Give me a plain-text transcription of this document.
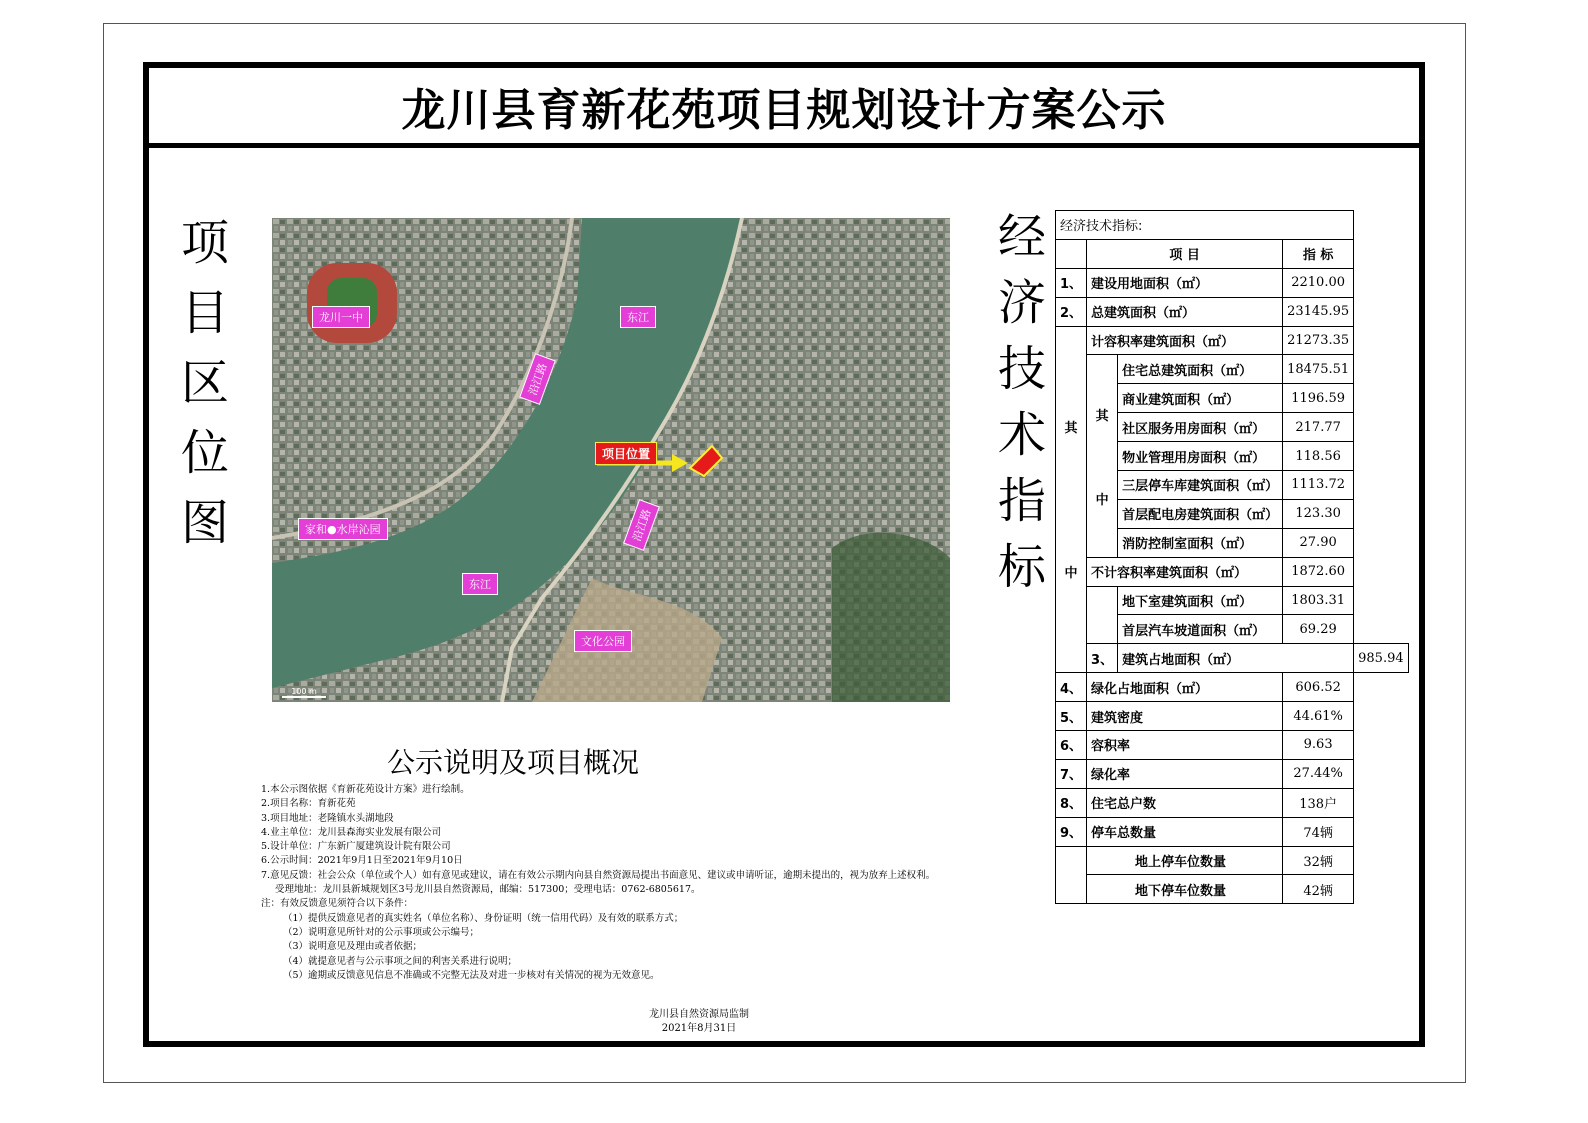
龙川县育新花苑项目规划设计方案公示
项
目
区
位
图
龙川一中	东江
东江
家和●水岸沁园
沿江路
沿江路
文化公园
项目位置
100 m
公示说明及项目概况
1.本公示图依据《育新花苑设计方案》进行绘制。
2.项目名称：育新花苑
3.项目地址：老隆镇水头湖地段
4.业主单位：龙川县森海实业发展有限公司
5.设计单位：广东新广厦建筑设计院有限公司
6.公示时间：2021年9月1日至2021年9月10日
7.意见反馈：社会公众（单位或个人）如有意见或建议，请在有效公示期内向县自然资源局提出书面意见、建议或申请听证，逾期未提出的，视为放弃上述权利。
受理地址：龙川县新城规划区3号龙川县自然资源局，邮编：517300；受理电话：0762-6805617。
注：有效反馈意见须符合以下条件：
（1）提供反馈意见者的真实姓名（单位名称）、身份证明（统一信用代码）及有效的联系方式；
（2）说明意见所针对的公示事项或公示编号；
（3）说明意见及理由或者依据；
（4）就提意见者与公示事项之间的利害关系进行说明；
（5）逾期或反馈意见信息不准确或不完整无法及对进一步核对有关情况的视为无效意见。
龙川县自然资源局监制
2021年8月31日
经
济
技
术
指
标
经济技术指标:				
	项 目		指 标	
1、	建设用地面积（㎡）		2210.00	
2、	总建筑面积（㎡）		23145.95	

其
中	计容积率建筑面积（㎡）		21273.35	

	其
中	住宅总建筑面积（㎡）	18475.51	
		商业建筑面积（㎡）	1196.59	
		社区服务用房面积（㎡）	217.77	
		物业管理用房面积（㎡）	118.56	
		三层停车库建筑面积（㎡）	1113.72	
		首层配电房建筑面积（㎡）	123.30	
		消防控制室面积（㎡）	27.90	
	不计容积率建筑面积（㎡）		1872.60	
		地下室建筑面积（㎡）	1803.31	
		首层汽车坡道面积（㎡）	69.29	
	3、	建筑占地面积（㎡）		985.94
4、	绿化占地面积（㎡）		606.52	
5、	建筑密度		44.61%	
6、	容积率		9.63	
7、	绿化率		27.44%	
8、	住宅总户数		138户	
9、	停车总数量		74辆	
	地上停车位数量		32辆	
	地下停车位数量		42辆	
